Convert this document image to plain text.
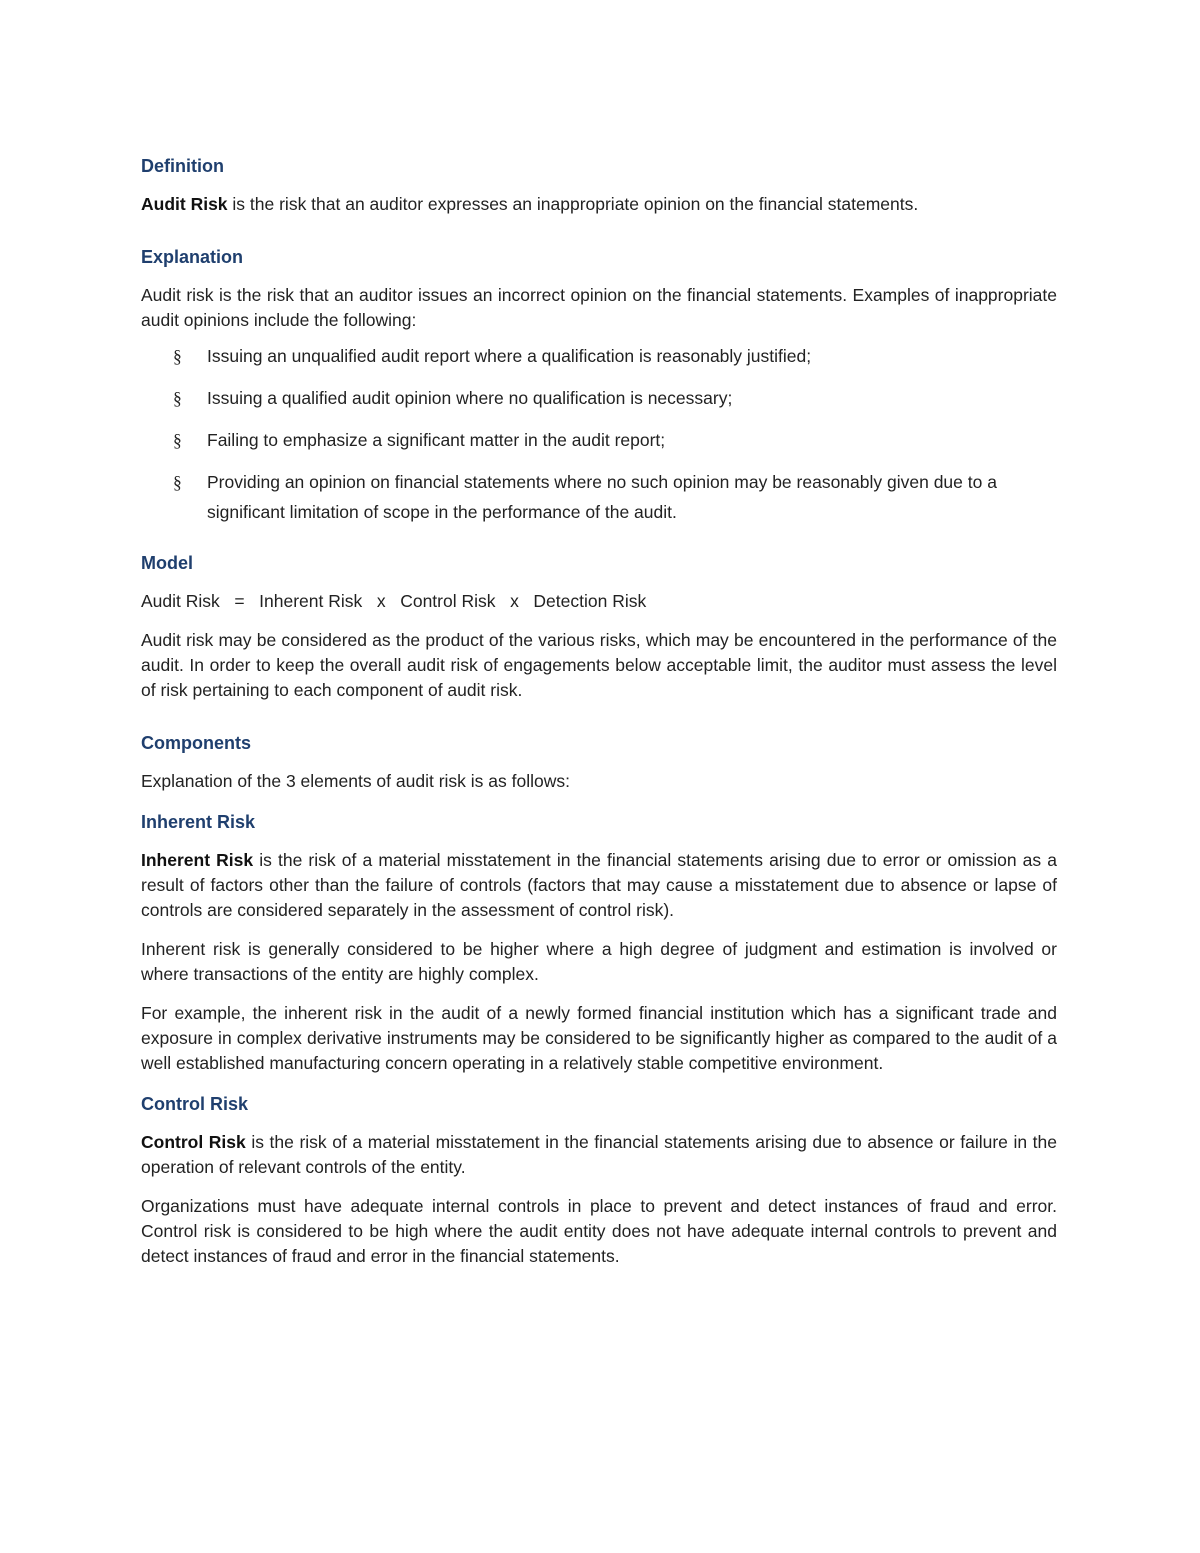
Definition
Audit Risk is the risk that an auditor expresses an inappropriate opinion on the financial statements.
Explanation
Audit risk is the risk that an auditor issues an incorrect opinion on the financial statements. Examples of inappropriate audit opinions include the following:
§ Issuing an unqualified audit report where a qualification is reasonably justified;
§ Issuing a qualified audit opinion where no qualification is necessary;
§ Failing to emphasize a significant matter in the audit report;
§ Providing an opinion on financial statements where no such opinion may be reasonably given due to a significant limitation of scope in the performance of the audit.
Model
Audit Risk   =   Inherent Risk   x   Control Risk   x   Detection Risk
Audit risk may be considered as the product of the various risks, which may be encountered in the performance of the audit. In order to keep the overall audit risk of engagements below acceptable limit, the auditor must assess the level of risk pertaining to each component of audit risk.
Components
Explanation of the 3 elements of audit risk is as follows:
Inherent Risk
Inherent Risk is the risk of a material misstatement in the financial statements arising due to error or omission as a result of factors other than the failure of controls (factors that may cause a misstatement due to absence or lapse of controls are considered separately in the assessment of control risk).
Inherent risk is generally considered to be higher where a high degree of judgment and estimation is involved or where transactions of the entity are highly complex.
For example, the inherent risk in the audit of a newly formed financial institution which has a significant trade and exposure in complex derivative instruments may be considered to be significantly higher as compared to the audit of a well established manufacturing concern operating in a relatively stable competitive environment.
Control Risk
Control Risk is the risk of a material misstatement in the financial statements arising due to absence or failure in the operation of relevant controls of the entity.
Organizations must have adequate internal controls in place to prevent and detect instances of fraud and error. Control risk is considered to be high where the audit entity does not have adequate internal controls to prevent and detect instances of fraud and error in the financial statements.
